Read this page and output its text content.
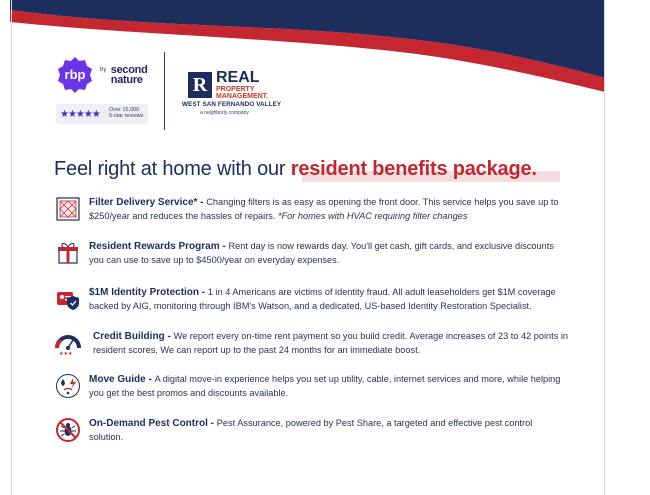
rbp	$^{by}$ second nature
★★★★★ Over 15,000
5-star reviews
R REAL
PROPERTY MANAGEMENT.
WEST SAN FERNANDO VALLEY
a neighborly company
Feel right at home with our resident benefits package.
Filter Delivery Service* - Changing filters is as easy as opening the front door. This service helps you save up to $250/year and reduces the hassles of repairs. *For homes with HVAC requiring filter changes
Resident Rewards Program - Rent day is now rewards day. You'll get cash, gift cards, and exclusive discounts you can use to save up to $4500/year on everyday expenses.
$1M Identity Protection - 1 in 4 Americans are victims of identity fraud. All adult leaseholders get $1M coverage backed by AIG, monitoring through IBM's Watson, and a dedicated, US-based Identity Restoration Specialist.
★★★
Credit Building - We report every on-time rent payment so you build credit. Average increases of 23 to 42 points in resident scores. We can report up to the past 24 months for an immediate boost.
Move Guide - A digital move-in experience helps you set up utility, cable, internet services and more, while helping you get the best promos and discounts available.
On-Demand Pest Control - Pest Assurance, powered by Pest Share, a targeted and effective pest control solution.
